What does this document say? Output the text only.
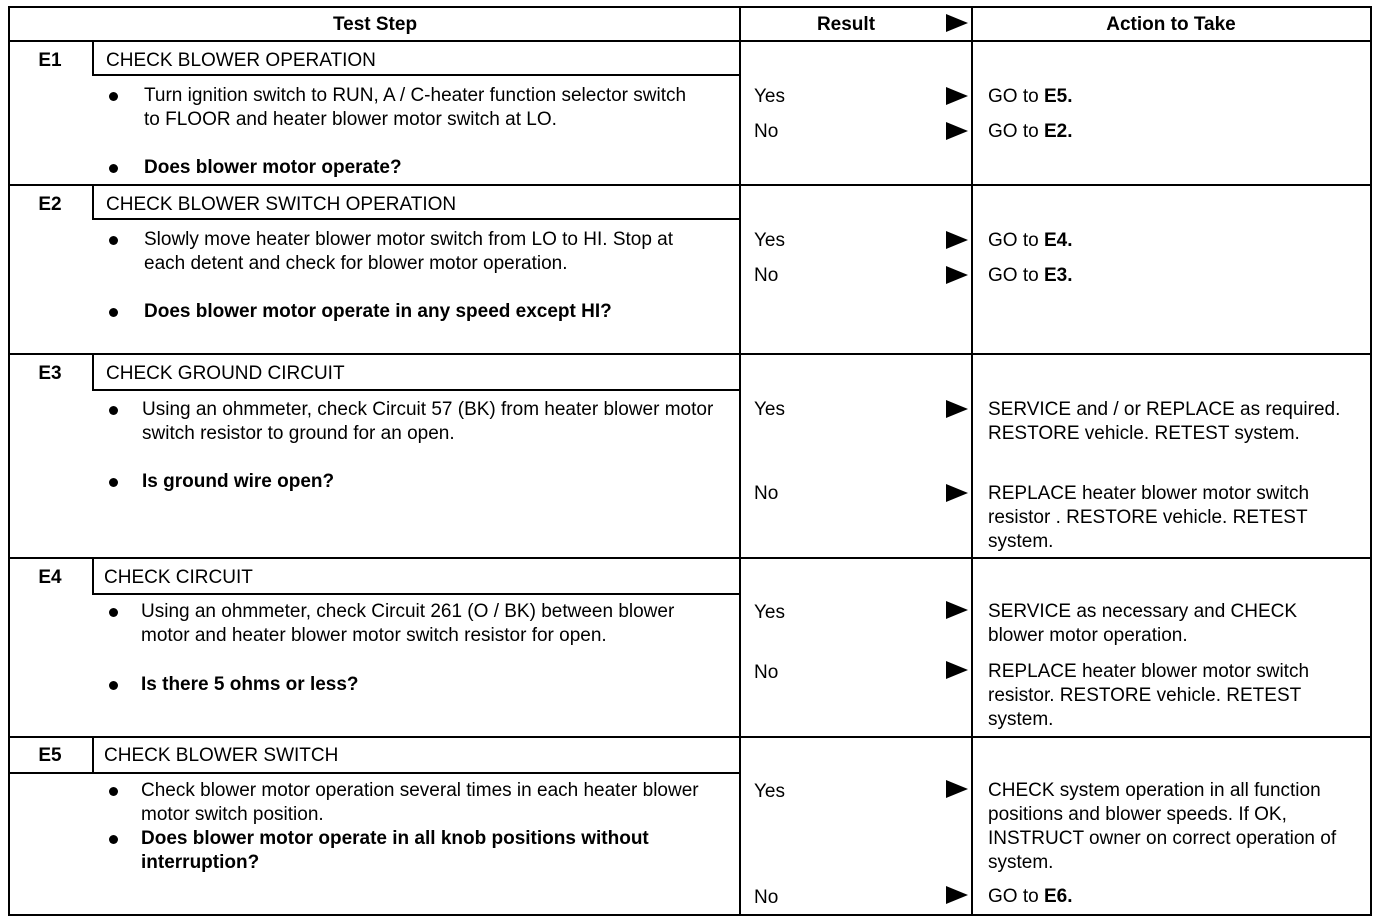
Test Step	Result	Action to Take
E1	CHECK BLOWER OPERATION
Turn ignition switch to RUN, A / C-heater function selector switch to FLOOR and heater blower motor switch at LO.
Does blower motor operate?
Yes	GO to E5.
No	GO to E2.
E2	CHECK BLOWER SWITCH OPERATION
Slowly move heater blower motor switch from LO to HI. Stop at each detent and check for blower motor operation.
Does blower motor operate in any speed except HI?
Yes	GO to E4.
No	GO to E3.
E3	CHECK GROUND CIRCUIT
Using an ohmmeter, check Circuit 57 (BK) from heater blower motor switch resistor to ground for an open.
Is ground wire open?
Yes	SERVICE and / or REPLACE as required. RESTORE vehicle. RETEST system.
No	REPLACE heater blower motor switch resistor . RESTORE vehicle. RETEST system.
E4	CHECK CIRCUIT
Using an ohmmeter, check Circuit 261 (O / BK) between blower motor and heater blower motor switch resistor for open.
Is there 5 ohms or less?
Yes	SERVICE as necessary and CHECK blower motor operation.
No	REPLACE heater blower motor switch resistor. RESTORE vehicle. RETEST system.
E5	CHECK BLOWER SWITCH
Check blower motor operation several times in each heater blower motor switch position.
Does blower motor operate in all knob positions without interruption?
Yes	CHECK system operation in all function positions and blower speeds. If OK, INSTRUCT owner on correct operation of system.
No	GO to E6.
